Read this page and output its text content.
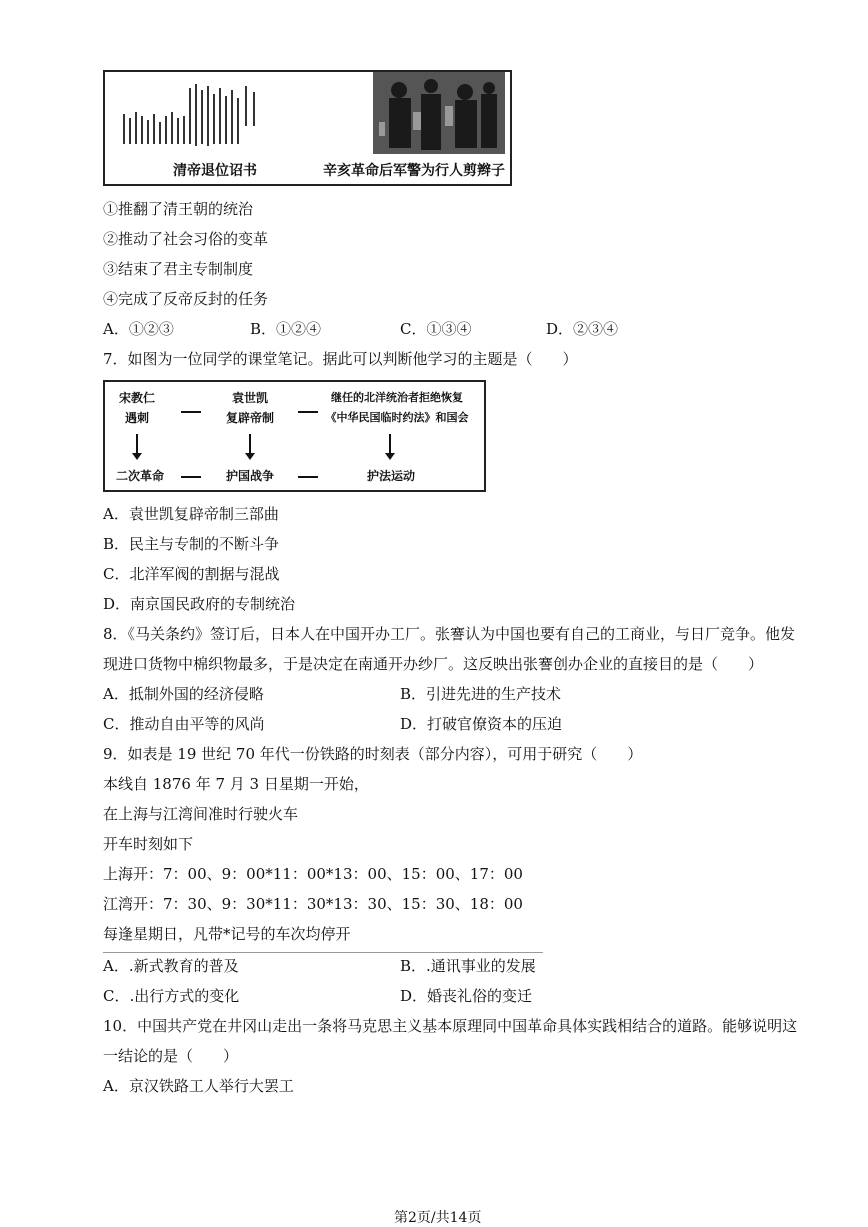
清帝退位诏书	辛亥革命后军警为行人剪辫子
①推翻了清王朝的统治
②推动了社会习俗的变革
③结束了君主专制制度
④完成了反帝反封的任务
A．①②③	B．①②④	C．①③④	D．②③④
7．如图为一位同学的课堂笔记。据此可以判断他学习的主题是（　　）
宋教仁
遇刺
袁世凯
复辟帝制
继任的北洋统治者拒绝恢复
《中华民国临时约法》和国会
二次革命	护国战争	护法运动
A．袁世凯复辟帝制三部曲
B．民主与专制的不断斗争
C．北洋军阀的割据与混战
D．南京国民政府的专制统治
8．《马关条约》签订后，日本人在中国开办工厂。张謇认为中国也要有自己的工商业，与日厂竞争。他发
现进口货物中棉织物最多，于是决定在南通开办纱厂。这反映出张謇创办企业的直接目的是（　　）
A．抵制外国的经济侵略	B．引进先进的生产技术
C．推动自由平等的风尚	D．打破官僚资本的压迫
9．如表是 19 世纪 70 年代一份铁路的时刻表（部分内容），可用于研究（　　）
本线自 1876 年 7 月 3 日星期一开始，
在上海与江湾间准时行驶火车
开车时刻如下
上海开：7：00、9：00*11：00*13：00、15：00、17：00
江湾开：7：30、9：30*11：30*13：30、15：30、18：00
每逢星期日，凡带*记号的车次均停开
A．.新式教育的普及	B．.通讯事业的发展
C．.出行方式的变化	D．婚丧礼俗的变迁
10．中国共产党在井冈山走出一条将马克思主义基本原理同中国革命具体实践相结合的道路。能够说明这
一结论的是（　　）
A．京汉铁路工人举行大罢工
第2页/共14页
